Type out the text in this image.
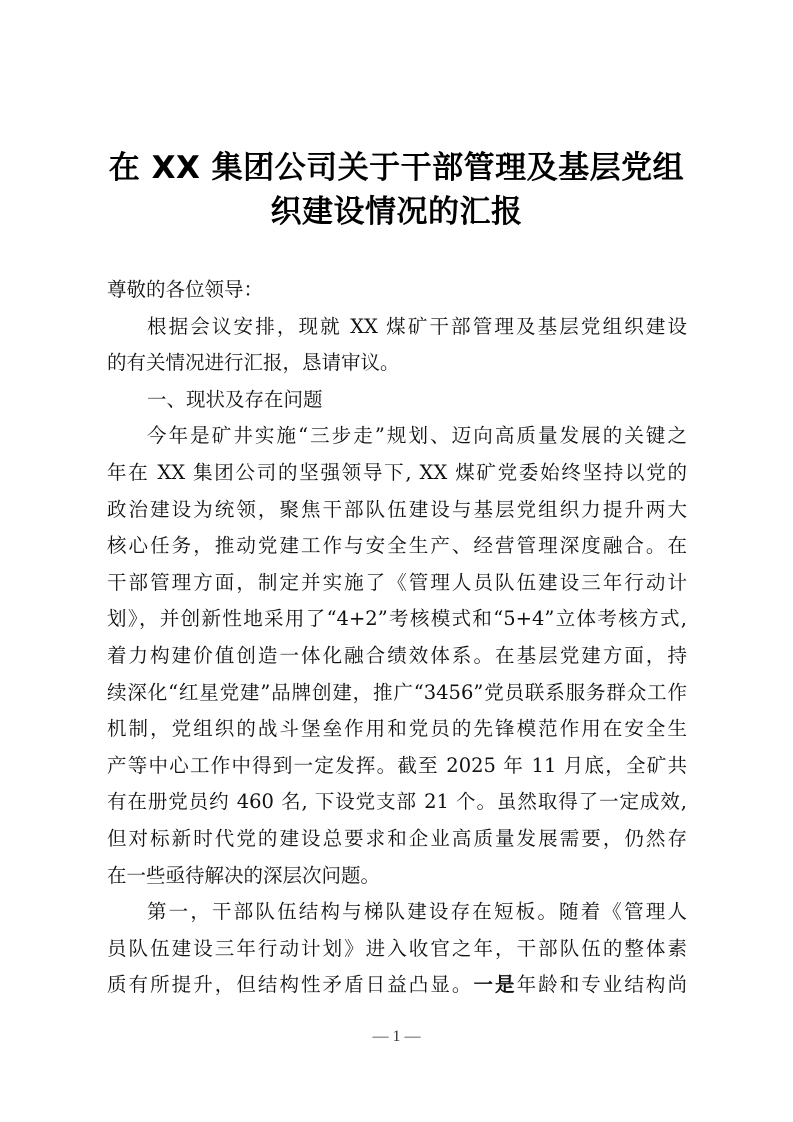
在 XX 集团公司关于干部管理及基层党组
织建设情况的汇报
尊敬的各位领导：
根据会议安排，现就 XX 煤矿干部管理及基层党组织建设
的有关情况进行汇报，恳请审议。
一、现状及存在问题
今年是矿井实施“三步走”规划、迈向高质量发展的关键之
年在 XX 集团公司的坚强领导下, XX 煤矿党委始终坚持以党的
政治建设为统领，聚焦干部队伍建设与基层党组织力提升两大
核心任务，推动党建工作与安全生产、经营管理深度融合。在
干部管理方面，制定并实施了《管理人员队伍建设三年行动计
划》，并创新性地采用了“4+2”考核模式和“5+4”立体考核方式,
着力构建价值创造一体化融合绩效体系。在基层党建方面，持
续深化“红星党建”品牌创建，推广“3456”党员联系服务群众工作
机制，党组织的战斗堡垒作用和党员的先锋模范作用在安全生
产等中心工作中得到一定发挥。截至 2025 年 11 月底，全矿共
有在册党员约 460 名, 下设党支部 21 个。虽然取得了一定成效,
但对标新时代党的建设总要求和企业高质量发展需要，仍然存
在一些亟待解决的深层次问题。
第一，干部队伍结构与梯队建设存在短板。随着《管理人
员队伍建设三年行动计划》进入收官之年，干部队伍的整体素
质有所提升，但结构性矛盾日益凸显。一是年龄和专业结构尚
— 1 —
